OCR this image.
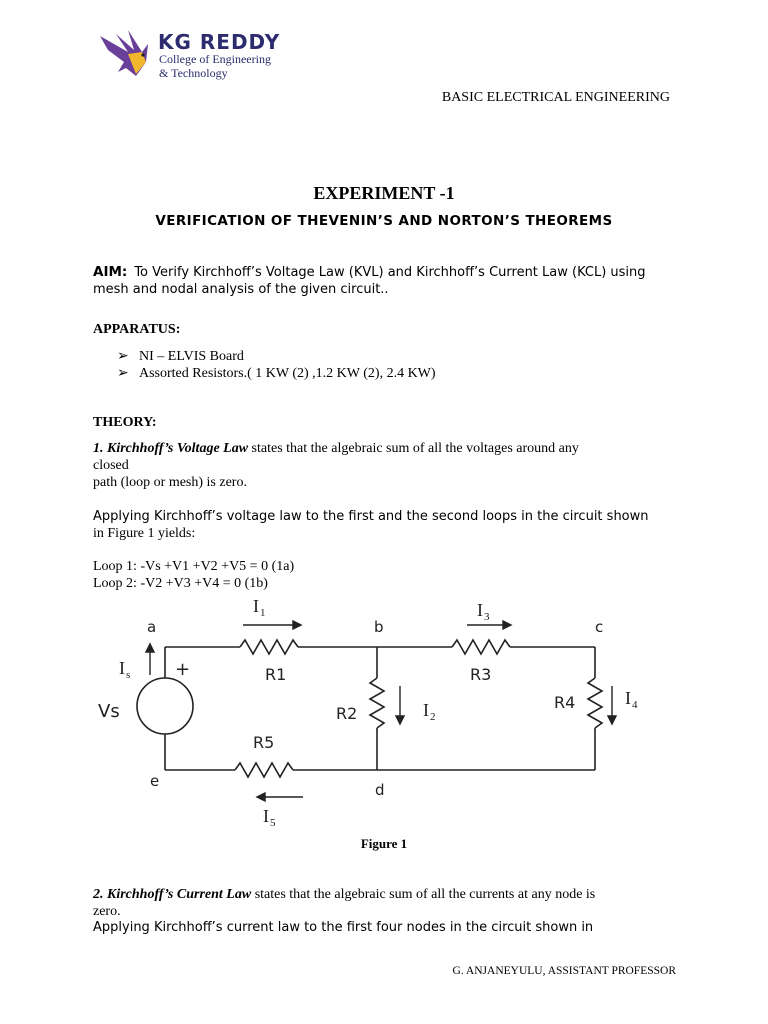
KG REDDY
College of Engineering
& Technology
BASIC ELECTRICAL ENGINEERING
EXPERIMENT -1
VERIFICATION OF THEVENIN’S AND NORTON’S THEOREMS
AIM: To Verify Kirchhoff’s Voltage Law (KVL) and Kirchhoff’s Current Law (KCL) using
mesh and nodal analysis of the given circuit..
APPARATUS:
➢ NI – ELVIS Board
➢ Assorted Resistors.( 1 KW (2) ,1.2 KW (2), 2.4 KW)
THEORY:
1. Kirchhoff’s Voltage Law states that the algebraic sum of all the voltages around any
closed
path (loop or mesh) is zero.
Applying Kirchhoff’s voltage law to the first and the second loops in the circuit shown
in Figure 1 yields:
Loop 1: -Vs +V1 +V2 +V5 = 0 (1a)
Loop 2: -V2 +V3 +V4 = 0 (1b)
a	b	c
d
e
R1
R2
R3
R4
R5
Vs
+
I 1	I 3
I s
I 2
I 4
I 5
Figure 1
2. Kirchhoff’s Current Law states that the algebraic sum of all the currents at any node is
zero.
Applying Kirchhoff’s current law to the first four nodes in the circuit shown in
G. ANJANEYULU, ASSISTANT PROFESSOR
